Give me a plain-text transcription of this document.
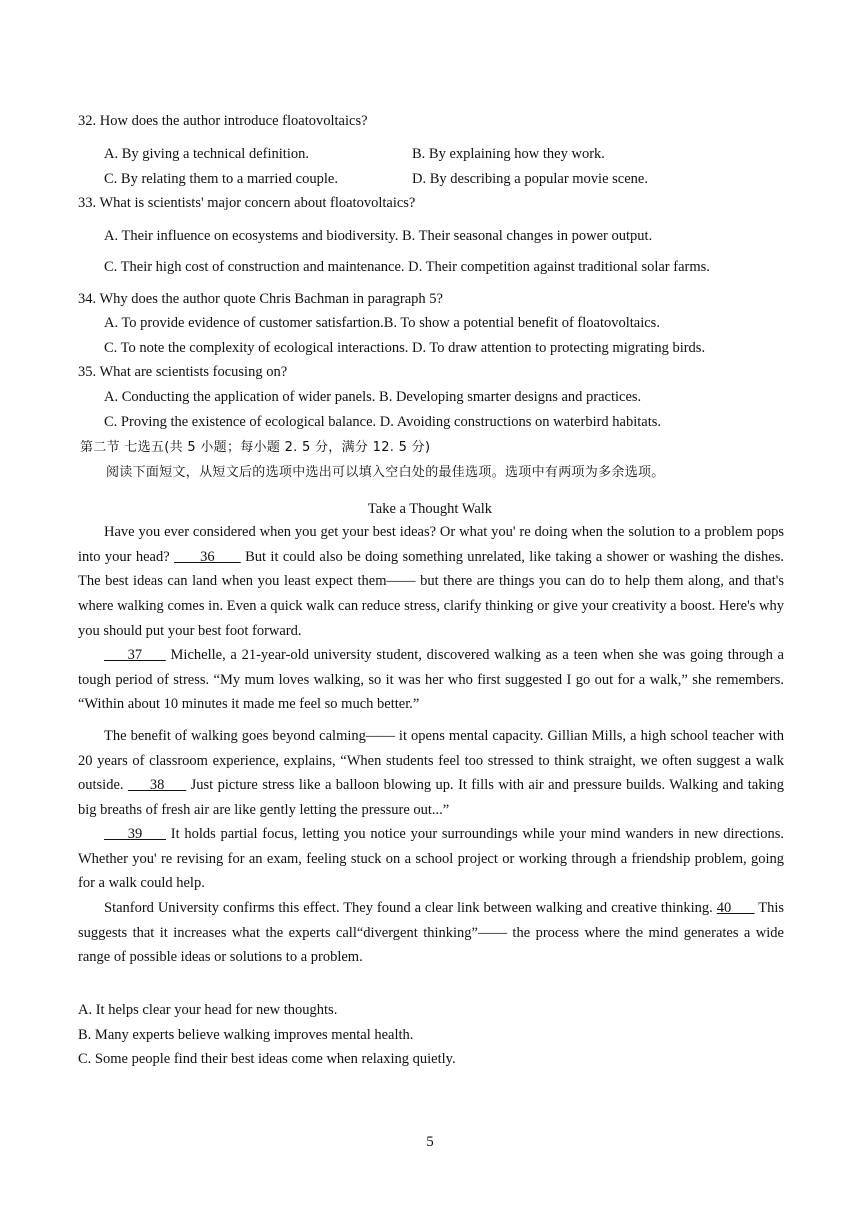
32. How does the author introduce floatovoltaics?
A. By giving a technical definition.	B. By explaining how they work.
C. By relating them to a married couple.	D. By describing a popular movie scene.
33. What is scientists' major concern about floatovoltaics?
A. Their influence on ecosystems and biodiversity. B. Their seasonal changes in power output.
C. Their high cost of construction and maintenance. D. Their competition against traditional solar farms.
34. Why does the author quote Chris Bachman in paragraph 5?
A. To provide evidence of customer satisfartion.B. To show a potential benefit of floatovoltaics.
C. To note the complexity of ecological interactions. D. To draw attention to protecting migrating birds.
35. What are scientists focusing on?
A. Conducting the application of wider panels. B. Developing smarter designs and practices.
C. Proving the existence of ecological balance. D. Avoiding constructions on waterbird habitats.
第二节 七选五(共 5 小题；每小题 2. 5 分，满分 12. 5 分)
阅读下面短文，从短文后的选项中选出可以填入空白处的最佳选项。选项中有两项为多余选项。
Take a Thought Walk
Have you ever considered when you get your best ideas? Or what you' re doing when the solution to a problem pops into your head?       36       But it could also be doing something unrelated, like taking a shower or washing the dishes. The best ideas can land when you least expect them—— but there are things you can do to help them along, and that's where walking comes in. Even a quick walk can reduce stress, clarify thinking or give your creativity a boost. Here's why you should put your best foot forward.
37      Michelle, a 21-year-old university student, discovered walking as a teen when she was going through a tough period of stress. “My mum loves walking, so it was her who first suggested I go out for a walk,” she remembers. “Within about 10 minutes it made me feel so much better.”
The benefit of walking goes beyond calming—— it opens mental capacity. Gillian Mills, a high school teacher with 20 years of classroom experience, explains, “When students feel too stressed to think straight, we often suggest a walk outside.      38      Just picture stress like a balloon blowing up. It fills with air and pressure builds. Walking and taking big breaths of fresh air are like gently letting the pressure out...”
39      It holds partial focus, letting you notice your surroundings while your mind wanders in new directions. Whether you' re revising for an exam, feeling stuck on a school project or working through a friendship problem, going for a walk could help.
Stanford University confirms this effect. They found a clear link between walking and creative thinking. 40       This suggests that it increases what the experts call“divergent thinking”—— the process where the mind generates a wide range of possible ideas or solutions to a problem.
A. It helps clear your head for new thoughts.
B. Many experts believe walking improves mental health.
C. Some people find their best ideas come when relaxing quietly.
5
